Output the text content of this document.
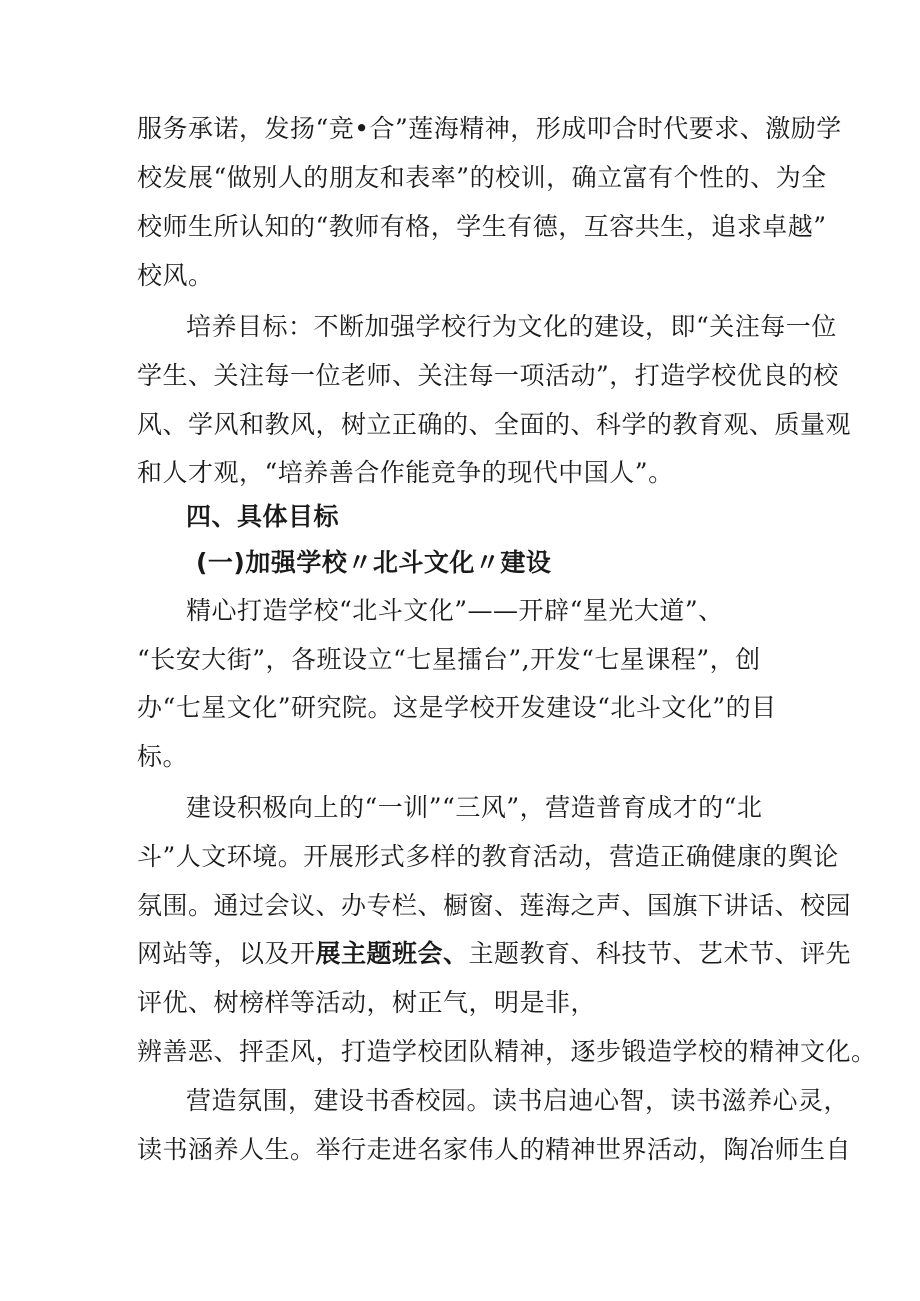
服务承诺，发扬“竞•合”莲海精神，形成叩合时代要求、激励学
校发展“做别人的朋友和表率”的校训，确立富有个性的、为全
校师生所认知的“教师有格，学生有德，互容共生，追求卓越”
校风。
培养目标：不断加强学校行为文化的建设，即“关注每一位
学生、关注每一位老师、关注每一项活动”，打造学校优良的校
风、学风和教风，树立正确的、全面的、科学的教育观、质量观
和人才观，“培养善合作能竞争的现代中国人”。
四、具体目标
(一)加强学校〃北斗文化〃建设
精心打造学校“北斗文化”——开辟“星光大道”、
“长安大街”，各班设立“七星擂台”,开发“七星课程”，创
办“七星文化”研究院。这是学校开发建设“北斗文化”的目
标。
建设积极向上的“一训”“三风”，营造普育成才的“北
斗”人文环境。开展形式多样的教育活动，营造正确健康的舆论
氛围。通过会议、办专栏、橱窗、莲海之声、国旗下讲话、校园
网站等，以及开展主题班会、主题教育、科技节、艺术节、评先
评优、树榜样等活动，树正气，明是非，
辨善恶、抨歪风，打造学校团队精神，逐步锻造学校的精神文化。
营造氛围，建设书香校园。读书启迪心智，读书滋养心灵，
读书涵养人生。举行走进名家伟人的精神世界活动，陶冶师生自
